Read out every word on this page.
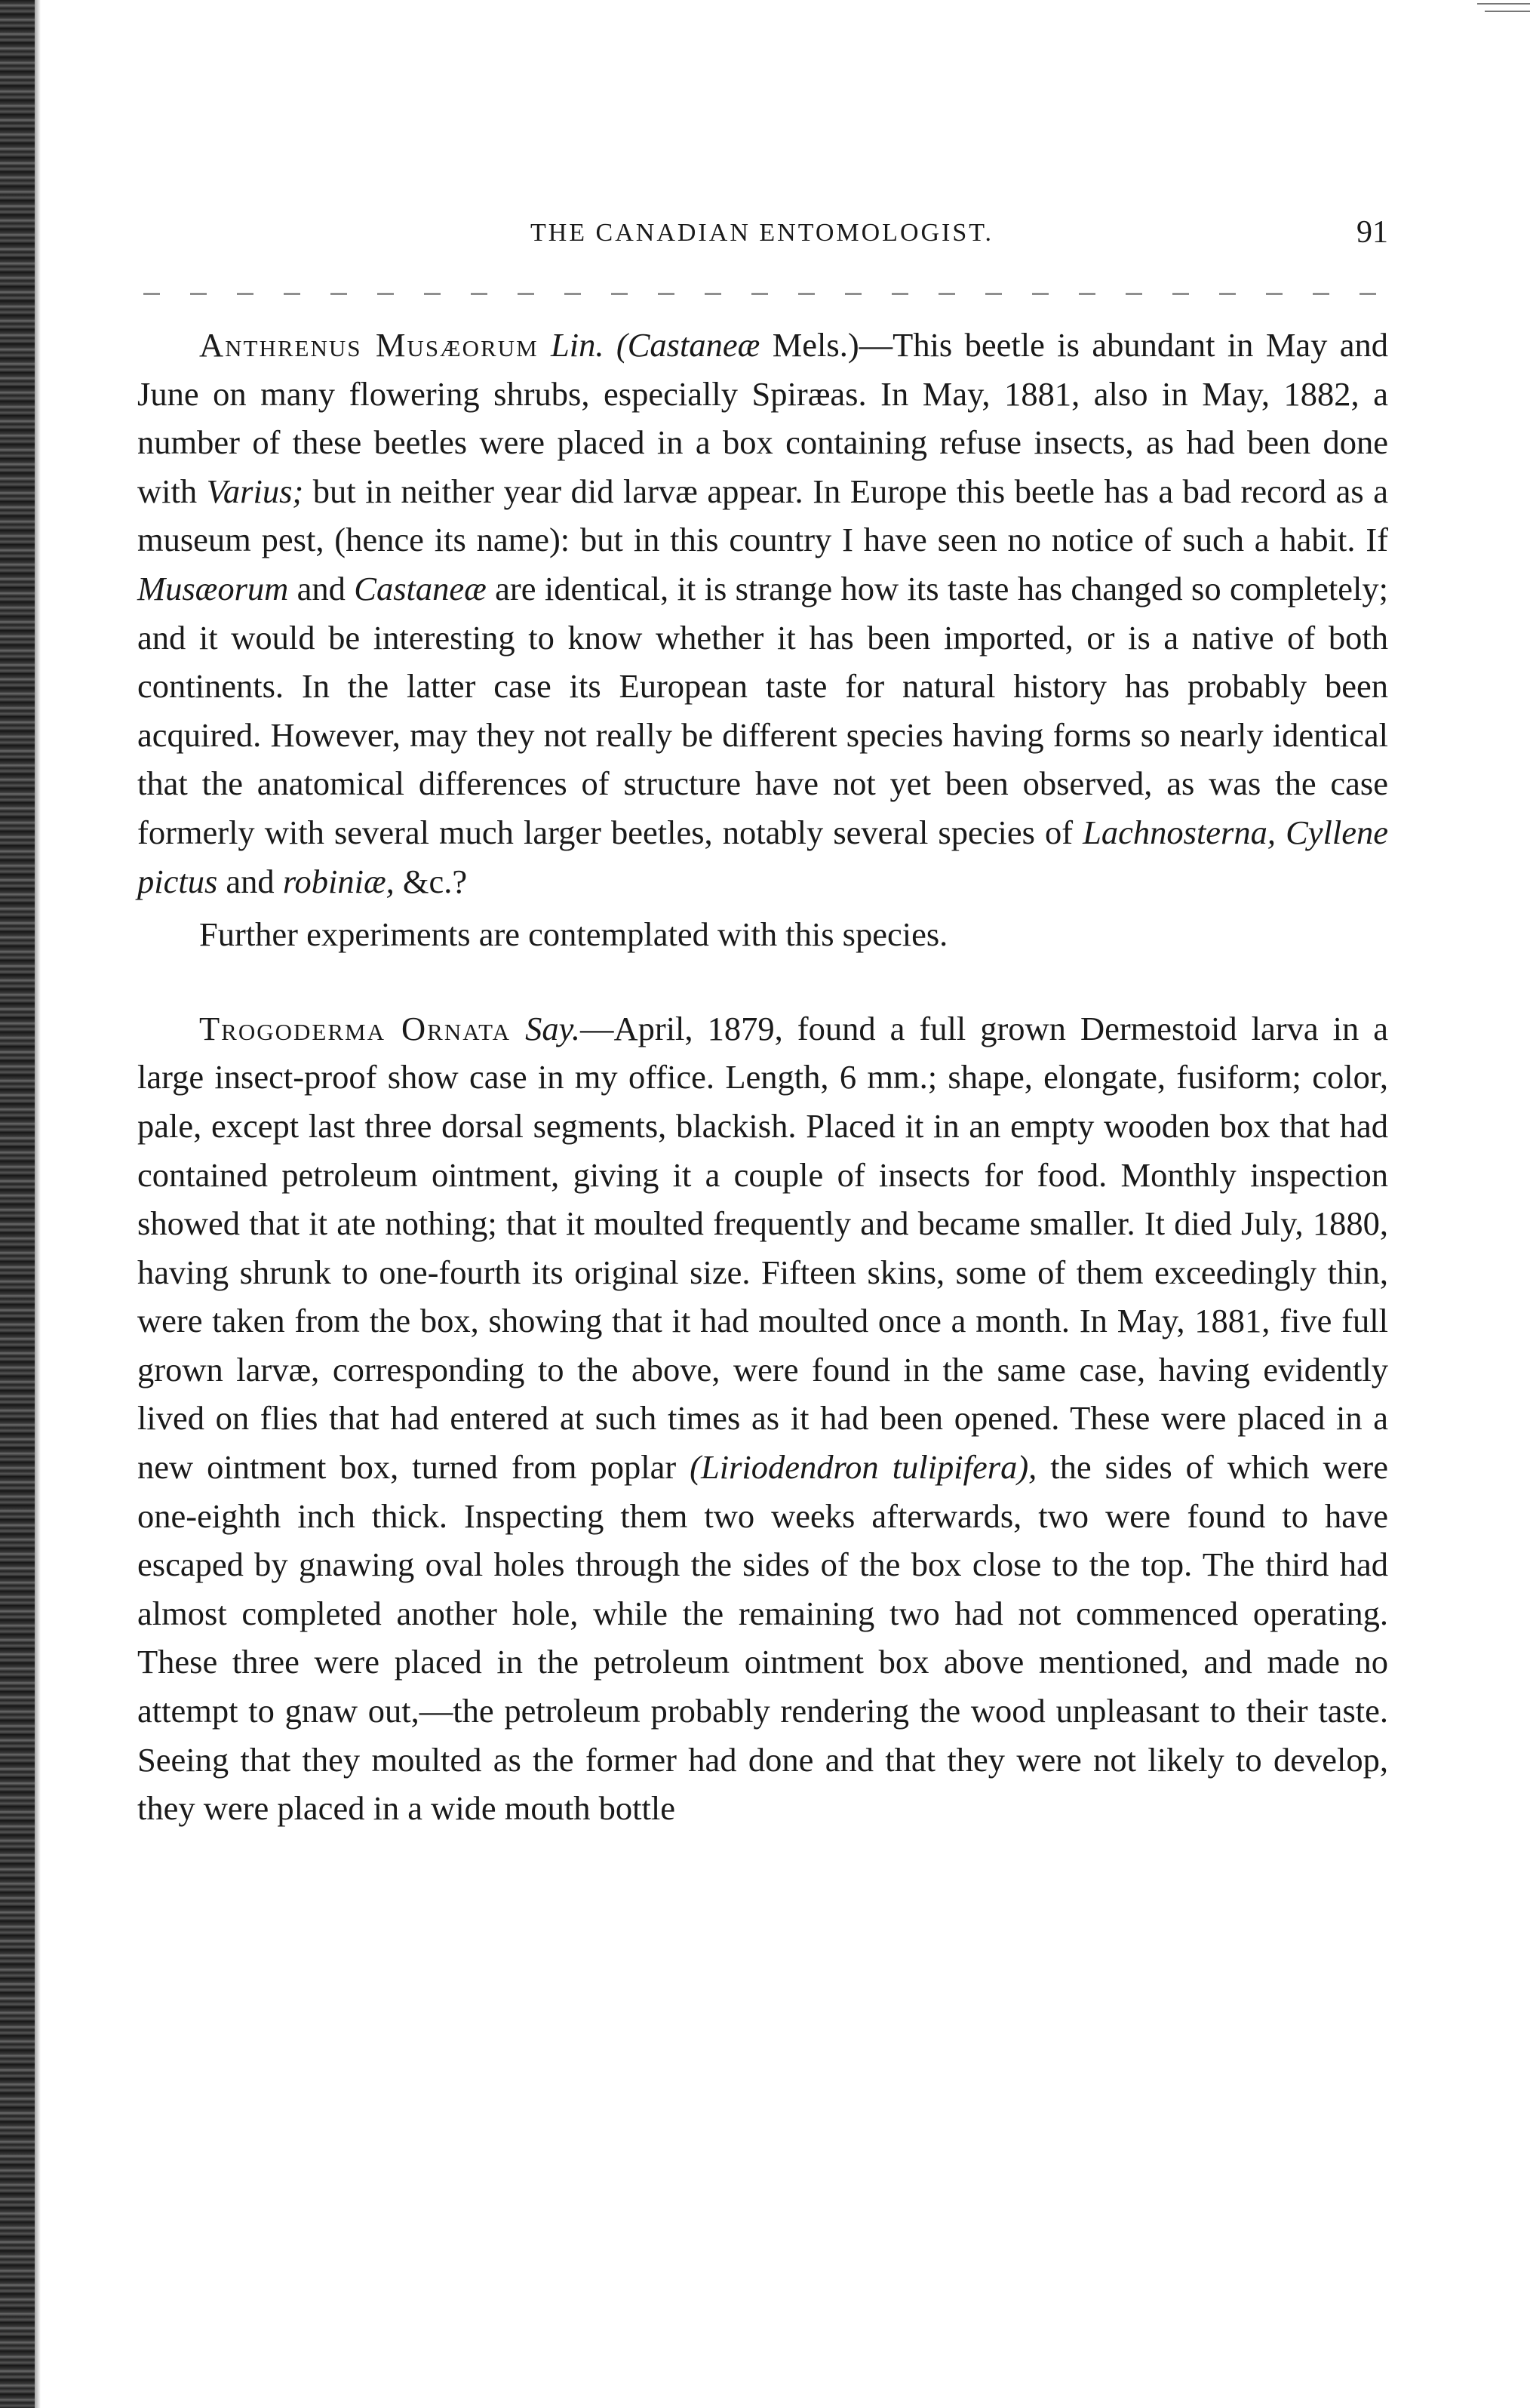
THE CANADIAN ENTOMOLOGIST.	91

Anthrenus Musæorum Lin. (Castaneæ Mels.)—This beetle is abundant in May and June on many flowering shrubs, especially Spiræas. In May, 1881, also in May, 1882, a number of these beetles were placed in a box containing refuse insects, as had been done with Varius; but in neither year did larvæ appear. In Europe this beetle has a bad record as a museum pest, (hence its name): but in this country I have seen no notice of such a habit. If Musæorum and Castaneæ are identical, it is strange how its taste has changed so completely; and it would be interesting to know whether it has been imported, or is a native of both continents. In the latter case its European taste for natural history has probably been acquired. However, may they not really be different species having forms so nearly identical that the anatomical differences of structure have not yet been observed, as was the case formerly with several much larger beetles, notably several species of Lachnosterna, Cyllene pictus and robiniæ, &c.?

Further experiments are contemplated with this species.

Trogoderma Ornata Say.—April, 1879, found a full grown Dermestoid larva in a large insect-proof show case in my office. Length, 6 mm.; shape, elongate, fusiform; color, pale, except last three dorsal segments, blackish. Placed it in an empty wooden box that had contained petroleum ointment, giving it a couple of insects for food. Monthly inspection showed that it ate nothing; that it moulted frequently and became smaller. It died July, 1880, having shrunk to one-fourth its original size. Fifteen skins, some of them exceedingly thin, were taken from the box, showing that it had moulted once a month. In May, 1881, five full grown larvæ, corresponding to the above, were found in the same case, having evidently lived on flies that had entered at such times as it had been opened. These were placed in a new ointment box, turned from poplar (Liriodendron tulipifera), the sides of which were one-eighth inch thick. Inspecting them two weeks afterwards, two were found to have escaped by gnawing oval holes through the sides of the box close to the top. The third had almost completed another hole, while the remaining two had not commenced operating. These three were placed in the petroleum ointment box above mentioned, and made no attempt to gnaw out,—the petroleum probably rendering the wood unpleasant to their taste. Seeing that they moulted as the former had done and that they were not likely to develop, they were placed in a wide mouth bottle
